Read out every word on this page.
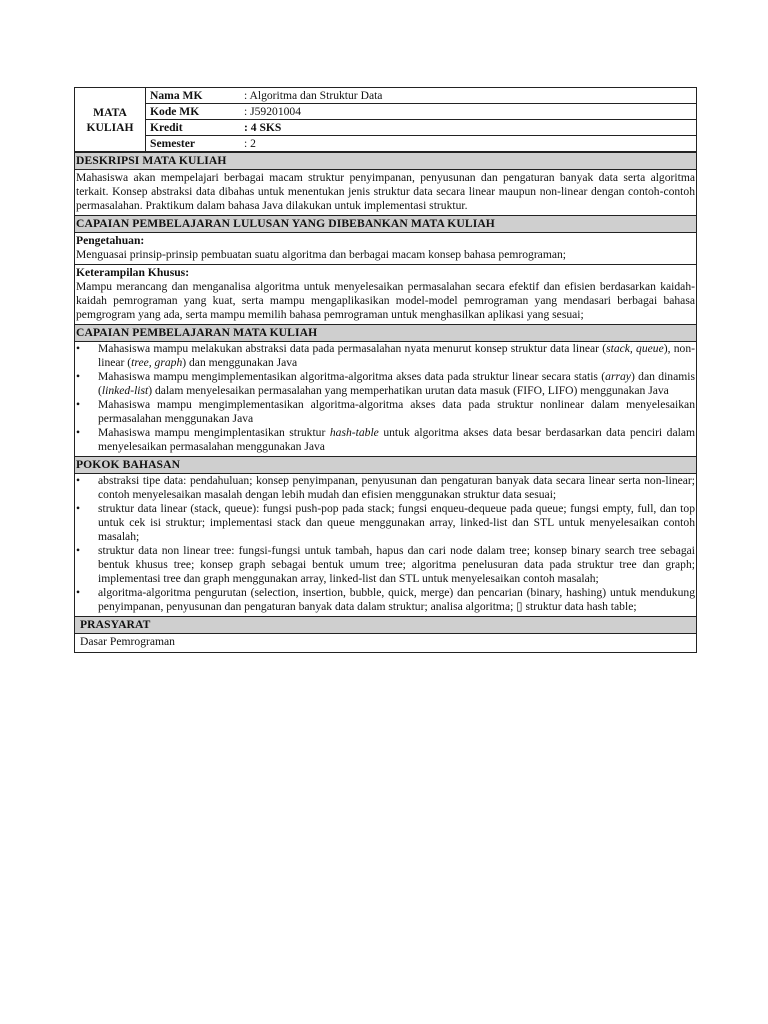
MATA
KULIAH	Nama MK	: Algoritma dan Struktur Data
	Kode MK	: J59201004
	Kredit	: 4 SKS
	Semester	: 2
DESKRIPSI MATA KULIAH
Mahasiswa akan mempelajari berbagai macam struktur penyimpanan, penyusunan dan pengaturan banyak data serta algoritma terkait. Konsep abstraksi data dibahas untuk menentukan jenis struktur data secara linear maupun non-linear dengan contoh-contoh permasalahan. Praktikum dalam bahasa Java dilakukan untuk implementasi struktur.
CAPAIAN PEMBELAJARAN LULUSAN YANG DIBEBANKAN MATA KULIAH
Pengetahuan:
Menguasai prinsip-prinsip pembuatan suatu algoritma dan berbagai macam konsep bahasa pemrograman;
Keterampilan Khusus:
Mampu merancang dan menganalisa algoritma untuk menyelesaikan permasalahan secara efektif dan efisien berdasarkan kaidah-kaidah pemrograman yang kuat, serta mampu mengaplikasikan model-model pemrograman yang mendasari berbagai bahasa pemgrogram yang ada, serta mampu memilih bahasa pemrograman untuk menghasilkan aplikasi yang sesuai;
CAPAIAN PEMBELAJARAN MATA KULIAH
• Mahasiswa mampu melakukan abstraksi data pada permasalahan nyata menurut konsep struktur data linear (stack, queue), non-linear (tree, graph) dan menggunakan Java
• Mahasiswa mampu mengimplementasikan algoritma-algoritma akses data pada struktur linear secara statis (array) dan dinamis (linked-list) dalam menyelesaikan permasalahan yang memperhatikan urutan data masuk (FIFO, LIFO) menggunakan Java
• Mahasiswa mampu mengimplementasikan algoritma-algoritma akses data pada struktur nonlinear dalam menyelesaikan permasalahan menggunakan Java
• Mahasiswa mampu mengimplentasikan struktur hash-table untuk algoritma akses data besar berdasarkan data penciri dalam menyelesaikan permasalahan menggunakan Java
POKOK BAHASAN
• abstraksi tipe data: pendahuluan; konsep penyimpanan, penyusunan dan pengaturan banyak data secara linear serta non-linear; contoh menyelesaikan masalah dengan lebih mudah dan efisien menggunakan struktur data sesuai;
• struktur data linear (stack, queue): fungsi push-pop pada stack; fungsi enqueu-dequeue pada queue; fungsi empty, full, dan top untuk cek isi struktur; implementasi stack dan queue menggunakan array, linked-list dan STL untuk menyelesaikan contoh masalah;
• struktur data non linear tree: fungsi-fungsi untuk tambah, hapus dan cari node dalam tree; konsep binary search tree sebagai bentuk khusus tree; konsep graph sebagai bentuk umum tree; algoritma penelusuran data pada struktur tree dan graph; implementasi tree dan graph menggunakan array, linked-list dan STL untuk menyelesaikan contoh masalah;
• algoritma-algoritma pengurutan (selection, insertion, bubble, quick, merge) dan pencarian (binary, hashing) untuk mendukung penyimpanan, penyusunan dan pengaturan banyak data dalam struktur; analisa algoritma; ▯ struktur data hash table;
PRASYARAT
Dasar Pemrograman
